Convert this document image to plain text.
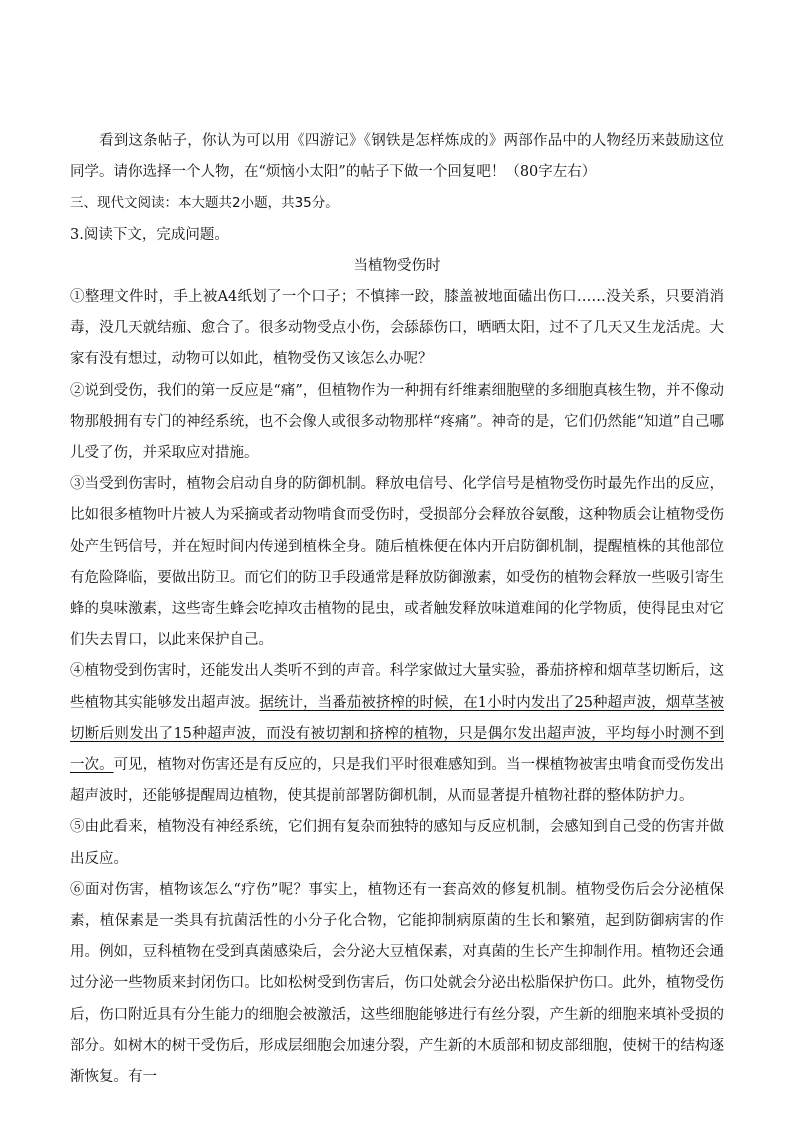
看到这条帖子，你认为可以用《四游记》《钢铁是怎样炼成的》两部作品中的人物经历来鼓励这位同学。请你选择一个人物，在“烦恼小太阳”的帖子下做一个回复吧！（80字左右）

三、现代文阅读：本大题共2小题，共35分。

3.阅读下文，完成问题。

当植物受伤时

①整理文件时，手上被A4纸划了一个口子；不慎摔一跤，膝盖被地面磕出伤口……没关系，只要消消毒，没几天就结痂、愈合了。很多动物受点小伤，会舔舔伤口，晒晒太阳，过不了几天又生龙活虎。大家有没有想过，动物可以如此，植物受伤又该怎么办呢？

②说到受伤，我们的第一反应是“痛”，但植物作为一种拥有纤维素细胞壁的多细胞真核生物，并不像动物那般拥有专门的神经系统，也不会像人或很多动物那样“疼痛”。神奇的是，它们仍然能“知道”自己哪儿受了伤，并采取应对措施。

③当受到伤害时，植物会启动自身的防御机制。释放电信号、化学信号是植物受伤时最先作出的反应，比如很多植物叶片被人为采摘或者动物啃食而受伤时，受损部分会释放谷氨酸，这种物质会让植物受伤处产生钙信号，并在短时间内传递到植株全身。随后植株便在体内开启防御机制，提醒植株的其他部位有危险降临，要做出防卫。而它们的防卫手段通常是释放防御激素，如受伤的植物会释放一些吸引寄生蜂的臭味激素，这些寄生蜂会吃掉攻击植物的昆虫，或者触发释放味道难闻的化学物质，使得昆虫对它们失去胃口，以此来保护自己。

④植物受到伤害时，还能发出人类听不到的声音。科学家做过大量实验，番茄挤榨和烟草茎切断后，这些植物其实能够发出超声波。据统计，当番茄被挤榨的时候，在1小时内发出了25种超声波，烟草茎被切断后则发出了15种超声波，而没有被切割和挤榨的植物，只是偶尔发出超声波，平均每小时测不到一次。可见，植物对伤害还是有反应的，只是我们平时很难感知到。当一棵植物被害虫啃食而受伤发出超声波时，还能够提醒周边植物，使其提前部署防御机制，从而显著提升植物社群的整体防护力。

⑤由此看来，植物没有神经系统，它们拥有复杂而独特的感知与反应机制，会感知到自己受的伤害并做出反应。

⑥面对伤害，植物该怎么“疗伤”呢？事实上，植物还有一套高效的修复机制。植物受伤后会分泌植保素，植保素是一类具有抗菌活性的小分子化合物，它能抑制病原菌的生长和繁殖，起到防御病害的作用。例如，豆科植物在受到真菌感染后，会分泌大豆植保素，对真菌的生长产生抑制作用。植物还会通过分泌一些物质来封闭伤口。比如松树受到伤害后，伤口处就会分泌出松脂保护伤口。此外，植物受伤后，伤口附近具有分生能力的细胞会被激活，这些细胞能够进行有丝分裂，产生新的细胞来填补受损的部分。如树木的树干受伤后，形成层细胞会加速分裂，产生新的木质部和韧皮部细胞，使树干的结构逐渐恢复。有一
